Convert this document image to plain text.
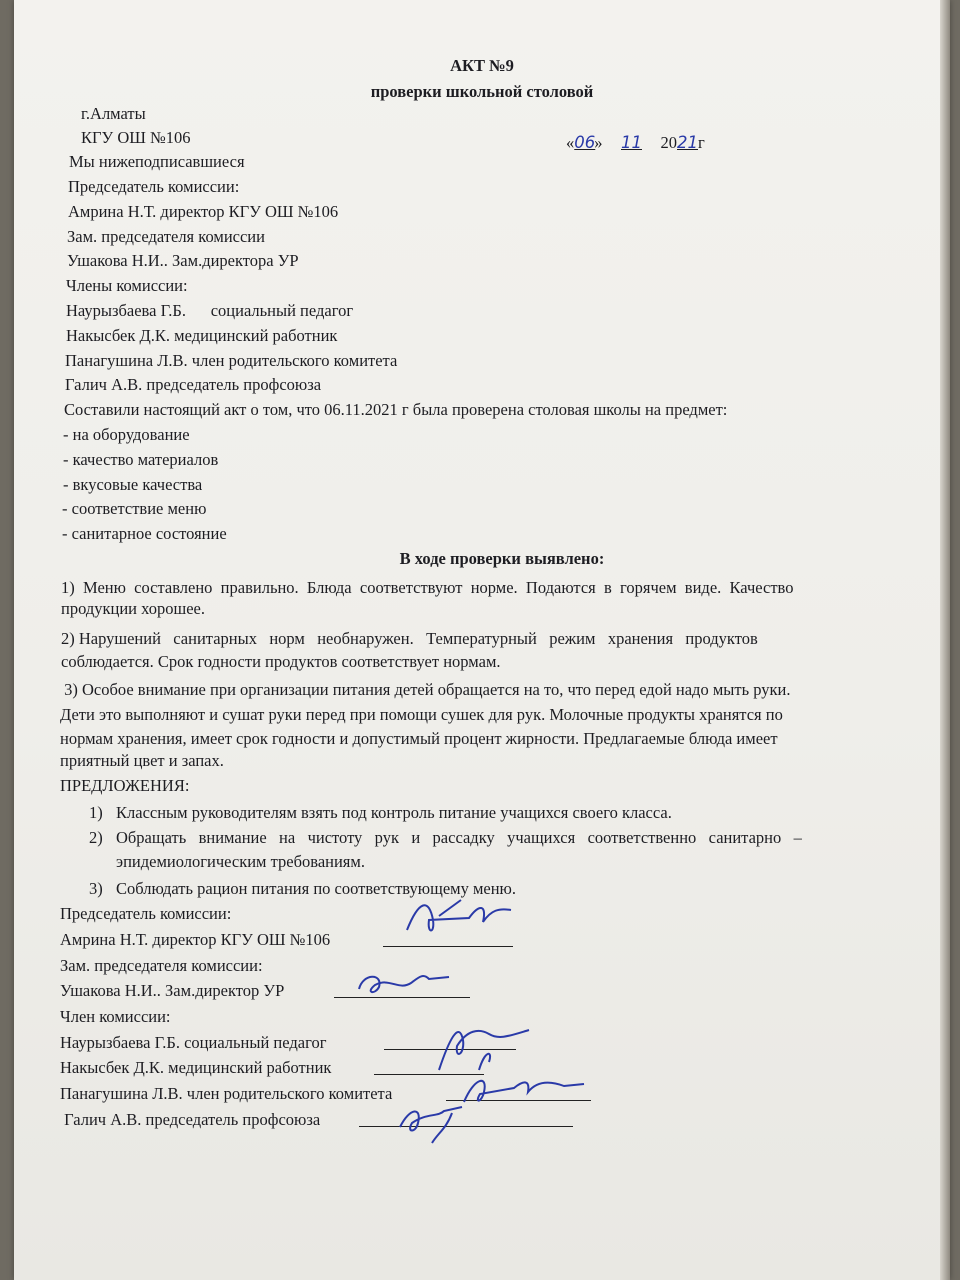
АКТ №9
проверки школьной столовой
г.Алматы
КГУ ОШ №106	«06» 11 2021г
Мы нижеподписавшиеся
Председатель комиссии:
Амрина Н.Т. директор КГУ ОШ №106
Зам. председателя комиссии
Ушакова Н.И.. Зам.директора УР
Члены комиссии:
Наурызбаева Г.Б.      социальный педагог
Накысбек Д.К. медицинский работник
Панагушина Л.В. член родительского комитета
Галич А.В. председатель профсоюза
Составили настоящий акт о том, что 06.11.2021 г была проверена столовая школы на предмет:
- на оборудование
- качество материалов
- вкусовые качества
- соответствие меню
- санитарное состояние
В ходе проверки выявлено:
1)  Меню  составлено  правильно.  Блюда  соответствуют  норме.  Подаются  в  горячем  виде.  Качество
продукции хорошее.
2) Нарушений   санитарных   норм   необнаружен.   Температурный   режим   хранения   продуктов
соблюдается. Срок годности продуктов соответствует нормам.
3) Особое внимание при организации питания детей обращается на то, что перед едой надо мыть руки.
Дети это выполняют и сушат руки перед при помощи сушек для рук. Молочные продукты хранятся по
нормам хранения, имеет срок годности и допустимый процент жирности. Предлагаемые блюда имеет
приятный цвет и запах.
ПРЕДЛОЖЕНИЯ:
1) Классным руководителям взять под контроль питание учащихся своего класса.
2) Обращать   внимание   на   чистоту   рук   и   рассадку   учащихся   соответственно   санитарно   –
эпидемиологическим требованиям.
3) Соблюдать рацион питания по соответствующему меню.
Председатель комиссии:
Амрина Н.Т. директор КГУ ОШ №106
Зам. председателя комиссии:
Ушакова Н.И.. Зам.директор УР
Член комиссии:
Наурызбаева Г.Б. социальный педагог
Накысбек Д.К. медицинский работник
Панагушина Л.В. член родительского комитета
Галич А.В. председатель профсоюза
